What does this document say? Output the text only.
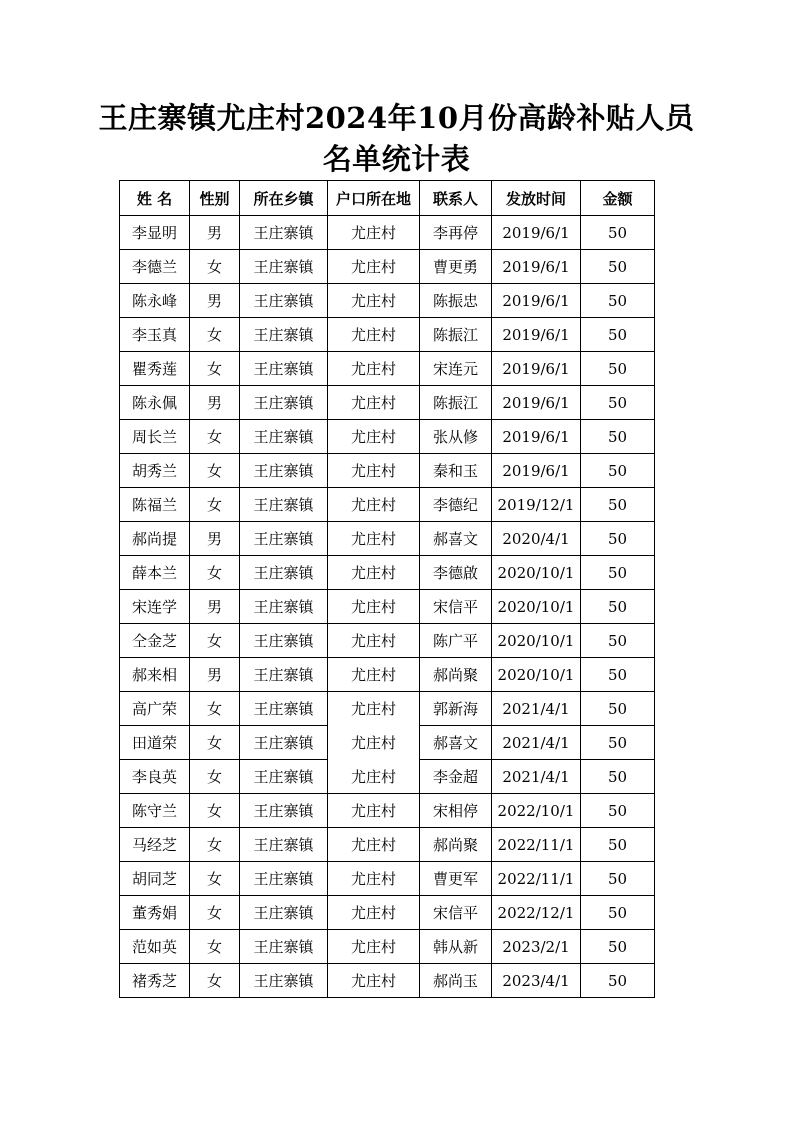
王庄寨镇尤庄村2024年10月份高龄补贴人员
名单统计表
姓 名	性别	所在乡镇	户口所在地	联系人	发放时间	金额
李显明	男	王庄寨镇	尤庄村	李再停	2019/6/1	50
李德兰	女	王庄寨镇	尤庄村	曹更勇	2019/6/1	50
陈永峰	男	王庄寨镇	尤庄村	陈振忠	2019/6/1	50
李玉真	女	王庄寨镇	尤庄村	陈振江	2019/6/1	50
瞿秀莲	女	王庄寨镇	尤庄村	宋连元	2019/6/1	50
陈永佩	男	王庄寨镇	尤庄村	陈振江	2019/6/1	50
周长兰	女	王庄寨镇	尤庄村	张从修	2019/6/1	50
胡秀兰	女	王庄寨镇	尤庄村	秦和玉	2019/6/1	50
陈福兰	女	王庄寨镇	尤庄村	李德纪	2019/12/1	50
郝尚提	男	王庄寨镇	尤庄村	郝喜文	2020/4/1	50
薛本兰	女	王庄寨镇	尤庄村	李德啟	2020/10/1	50
宋连学	男	王庄寨镇	尤庄村	宋信平	2020/10/1	50
仝金芝	女	王庄寨镇	尤庄村	陈广平	2020/10/1	50
郝来相	男	王庄寨镇	尤庄村	郝尚聚	2020/10/1	50
高广荣	女	王庄寨镇	尤庄村	郭新海	2021/4/1	50
田道荣	女	王庄寨镇	尤庄村	郝喜文	2021/4/1	50
李良英	女	王庄寨镇	尤庄村	李金超	2021/4/1	50
陈守兰	女	王庄寨镇	尤庄村	宋相停	2022/10/1	50
马经芝	女	王庄寨镇	尤庄村	郝尚聚	2022/11/1	50
胡同芝	女	王庄寨镇	尤庄村	曹更军	2022/11/1	50
董秀娟	女	王庄寨镇	尤庄村	宋信平	2022/12/1	50
范如英	女	王庄寨镇	尤庄村	韩从新	2023/2/1	50
褚秀芝	女	王庄寨镇	尤庄村	郝尚玉	2023/4/1	50
